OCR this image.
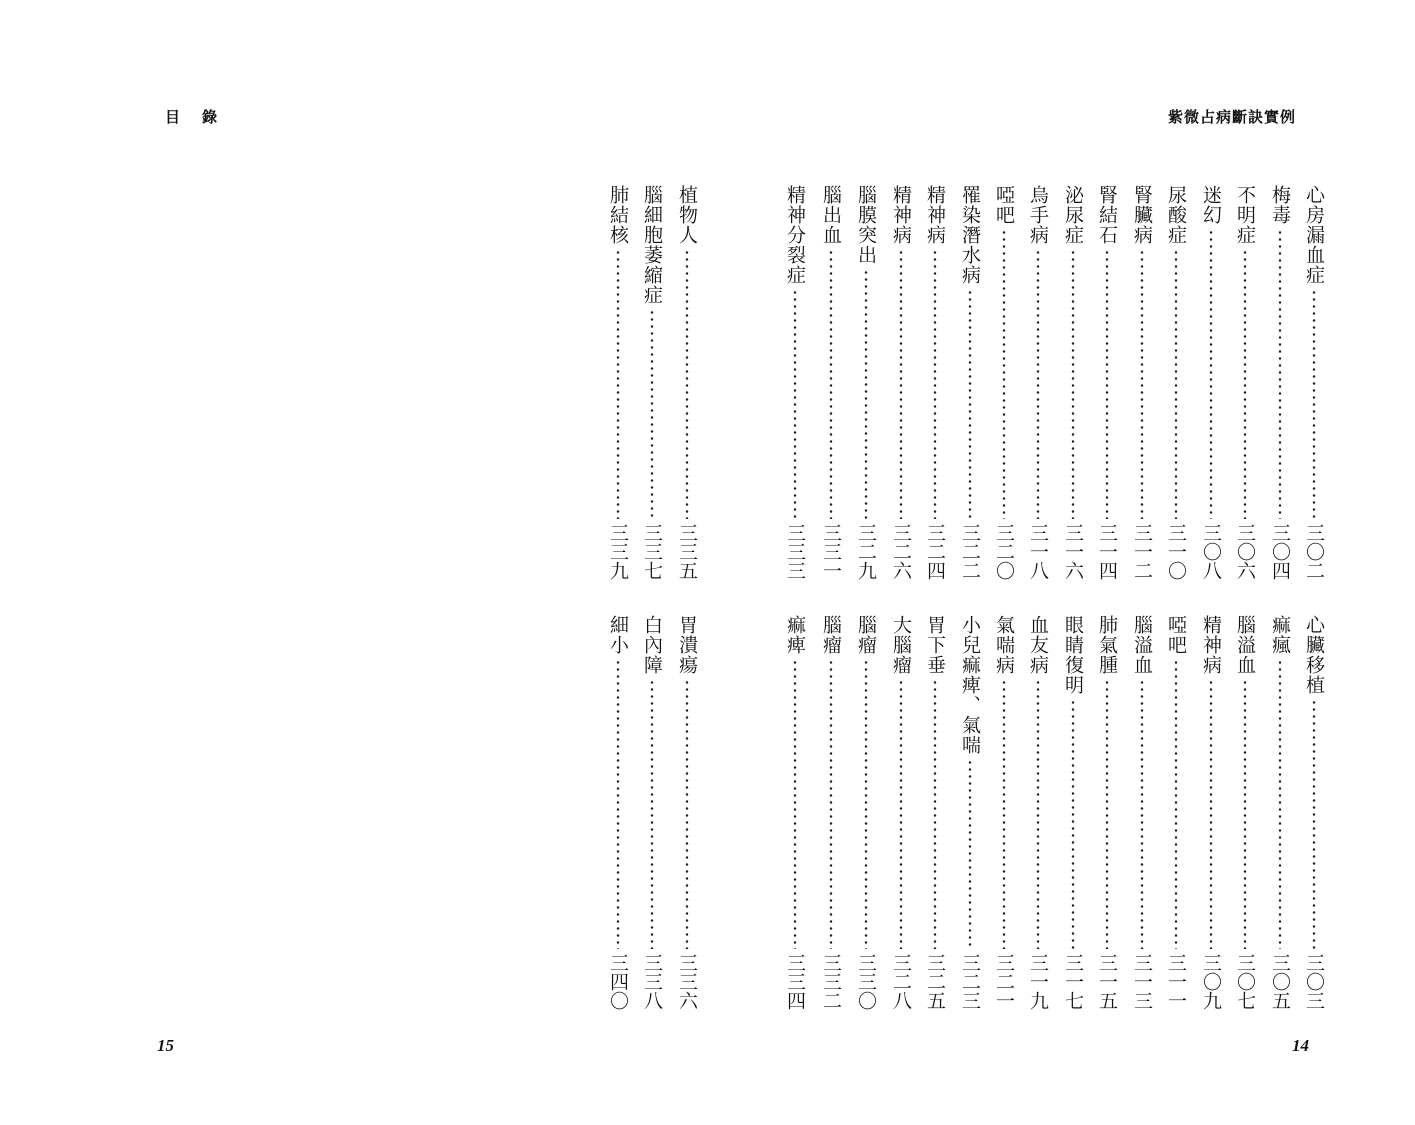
目 錄	紫微占病斷訣實例
心房漏血症
三〇二
梅毒
三〇四
不明症
三〇六
迷幻
三〇八
尿酸症
三一〇
腎臟病
三一二
腎結石
三一四
泌尿症
三一六
烏手病
三一八
啞吧
三二〇
罹染潛水病
三二二
精神病
三二四
精神病
三二六
腦膜突出
三二九
腦出血
三三一
精神分裂症
三三三
植物人
三三五
腦細胞萎縮症
三三七
肺結核
三三九
心臟移植
三〇三
痲瘋
三〇五
腦溢血
三〇七
精神病
三〇九
啞吧
三一一
腦溢血
三一三
肺氣腫
三一五
眼睛復明
三一七
血友病
三一九
氣喘病
三二一
小兒痲痺、氣喘
三二三
胃下垂
三二五
大腦瘤
三二八
腦瘤
三三〇
腦瘤
三三二
痲痺
三三四
胃潰瘍
三三六
白內障
三三八
細小
三四〇
15	14
